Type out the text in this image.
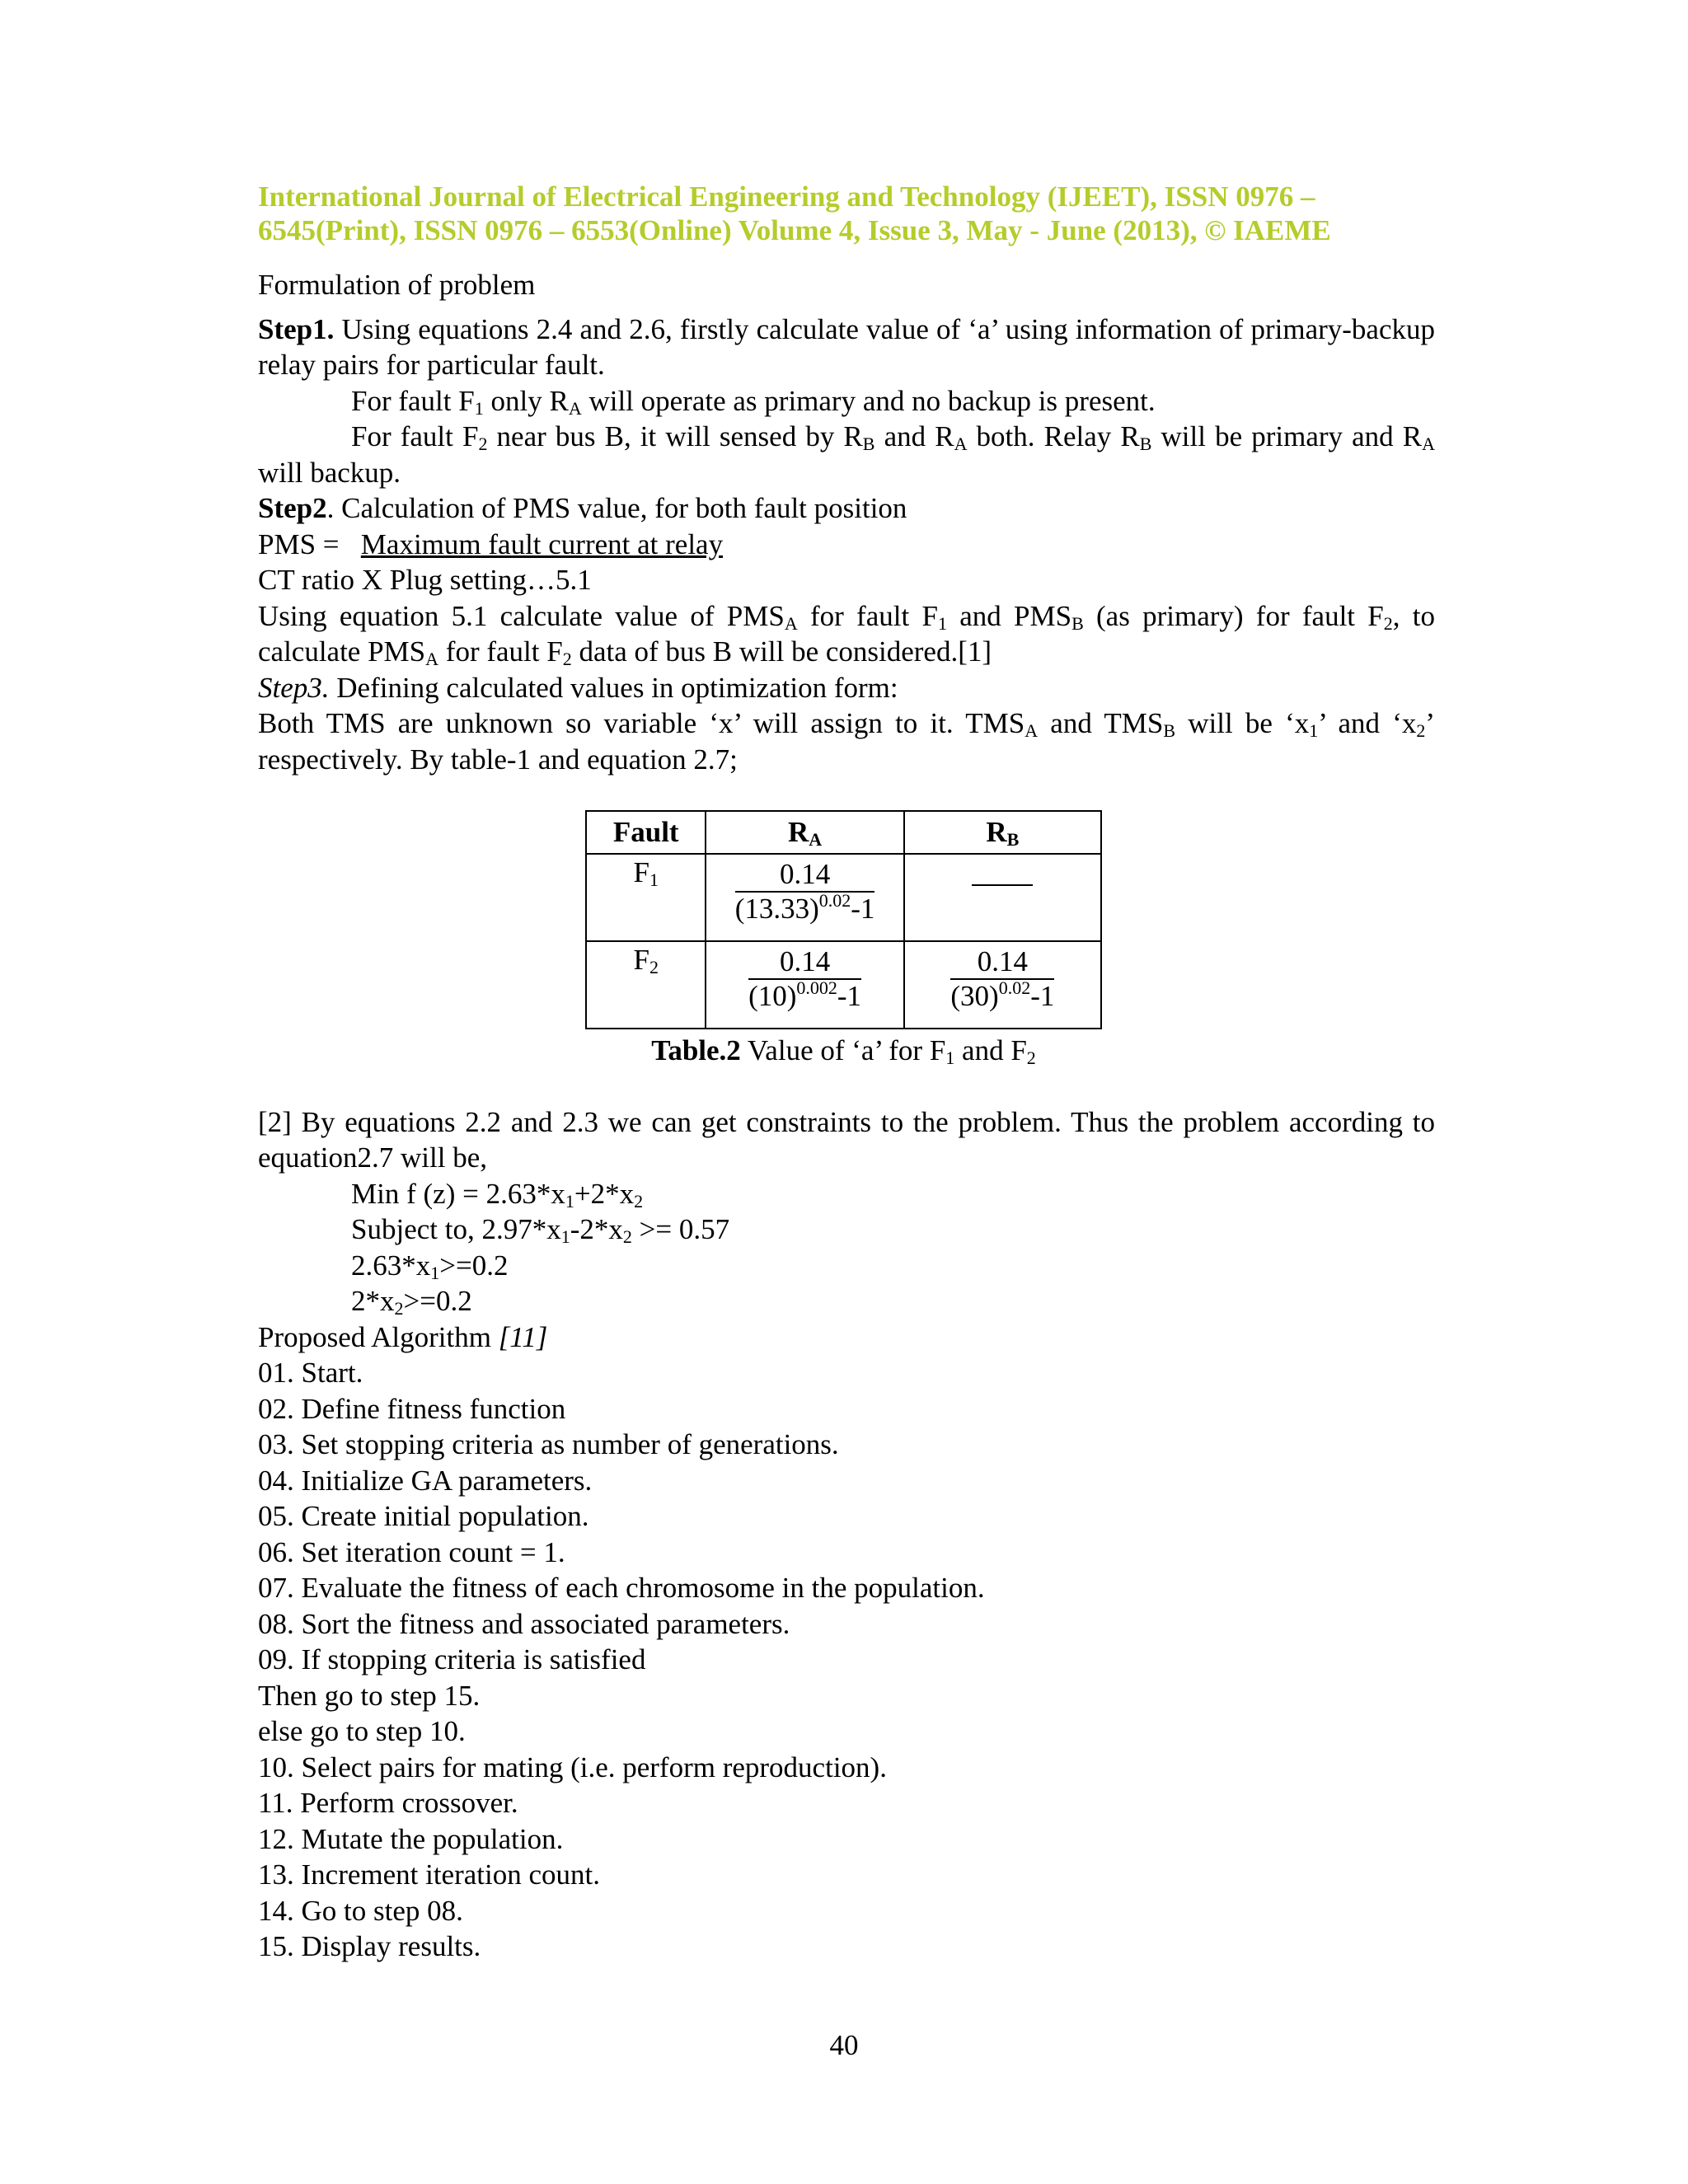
International Journal of Electrical Engineering and Technology (IJEET), ISSN 0976 –
6545(Print), ISSN 0976 – 6553(Online) Volume 4, Issue 3, May - June (2013), © IAEME

Formulation of problem

Step1. Using equations 2.4 and 2.6, firstly calculate value of ‘a’ using information of primary-backup relay pairs for particular fault.

For fault $F_1$ only $R_A$ will operate as primary and no backup is present.

For fault $F_2$ near bus B, it will sensed by $R_B$ and $R_A$ both. Relay $R_B$ will be primary and $R_A$ will backup.

Step2. Calculation of PMS value, for both fault position

PMS =   Maximum fault current at relay

CT ratio X Plug setting…5.1

Using equation 5.1 calculate value of $PMS_A$ for fault $F_1$ and $PMS_B$ (as primary) for fault $F_2$, to calculate $PMS_A$ for fault $F_2$ data of bus B will be considered.[1]

Step3. Defining calculated values in optimization form:

Both TMS are unknown so variable ‘x’ will assign to it. $TMS_A$ and $TMS_B$ will be ‘$x_1$’ and ‘$x_2$’ respectively. By table-1 and equation 2.7;

Fault	$R_A$	$R_B$
$F_1$	$\frac{0.14}{(13.33)^{0.02}-1}$

$F_2$	$\frac{0.14}{(10)^{0.002}-1}$	$\frac{0.14}{(30)^{0.02}-1}$
Table.2 Value of ‘a’ for $F_1$ and $F_2$

[2] By equations 2.2 and 2.3 we can get constraints to the problem. Thus the problem according to equation2.7 will be,

Min f $(z) = 2.63*x_1+2*x_2$

Subject to, $2.97*x_1-2*x_2 >= 0.57$

$2.63*x_1>=0.2$

$2*x_2>=0.2$

Proposed Algorithm [11]

01. Start.

02. Define fitness function

03. Set stopping criteria as number of generations.

04. Initialize GA parameters.

05. Create initial population.

06. Set iteration count = 1.

07. Evaluate the fitness of each chromosome in the population.

08. Sort the fitness and associated parameters.

09. If stopping criteria is satisfied

Then go to step 15.

else go to step 10.

10. Select pairs for mating (i.e. perform reproduction).

11. Perform crossover.

12. Mutate the population.

13. Increment iteration count.

14. Go to step 08.

15. Display results.

40
